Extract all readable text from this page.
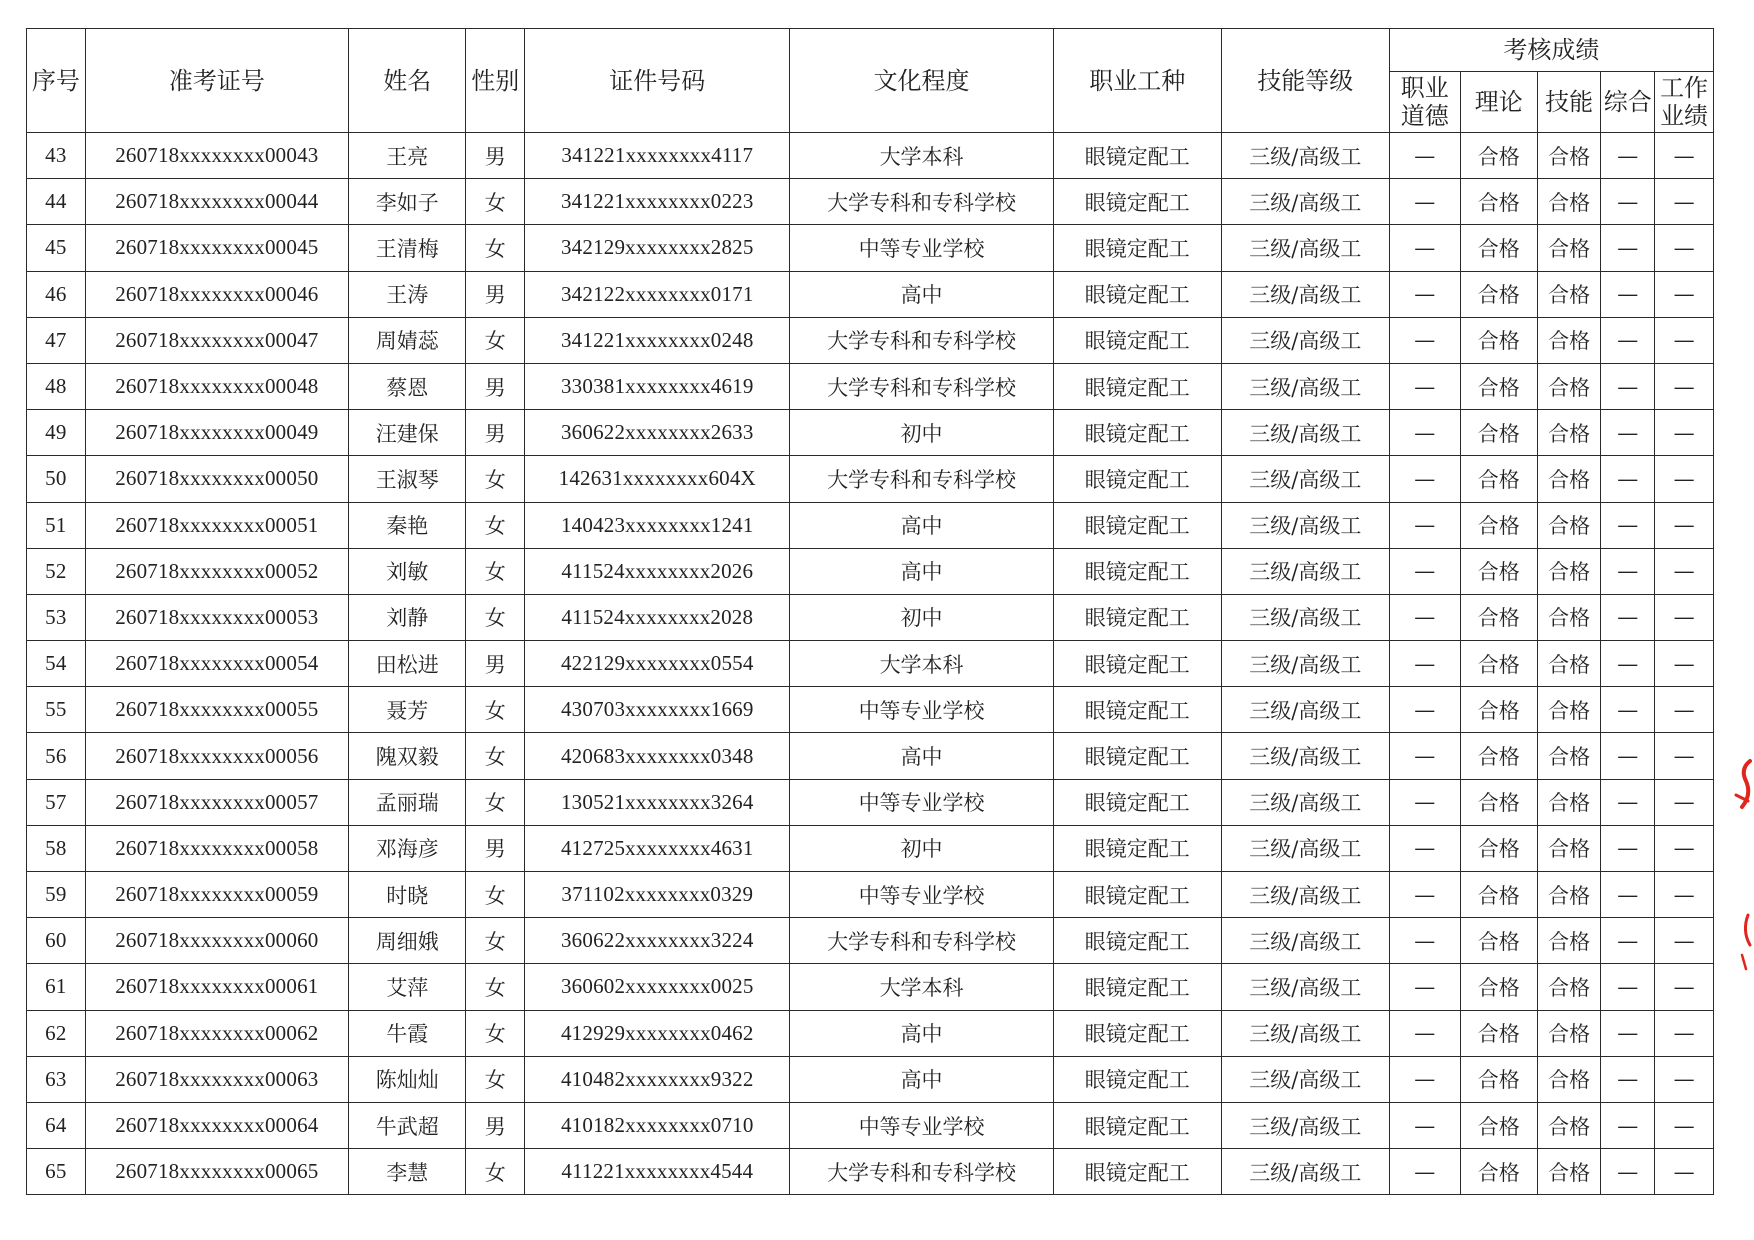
序号	准考证号	姓名	性别	证件号码	文化程度	职业工种	技能等级	考核成绩				
								职业道德	理论	技能	综合	工作业绩
43	260718xxxxxxxx00043	王亮	男	341221xxxxxxxx4117	大学本科	眼镜定配工	三级/高级工	—	合格	合格	—	—
44	260718xxxxxxxx00044	李如子	女	341221xxxxxxxx0223	大学专科和专科学校	眼镜定配工	三级/高级工	—	合格	合格	—	—
45	260718xxxxxxxx00045	王清梅	女	342129xxxxxxxx2825	中等专业学校	眼镜定配工	三级/高级工	—	合格	合格	—	—
46	260718xxxxxxxx00046	王涛	男	342122xxxxxxxx0171	高中	眼镜定配工	三级/高级工	—	合格	合格	—	—
47	260718xxxxxxxx00047	周婧蕊	女	341221xxxxxxxx0248	大学专科和专科学校	眼镜定配工	三级/高级工	—	合格	合格	—	—
48	260718xxxxxxxx00048	蔡恩	男	330381xxxxxxxx4619	大学专科和专科学校	眼镜定配工	三级/高级工	—	合格	合格	—	—
49	260718xxxxxxxx00049	汪建保	男	360622xxxxxxxx2633	初中	眼镜定配工	三级/高级工	—	合格	合格	—	—
50	260718xxxxxxxx00050	王淑琴	女	142631xxxxxxxx604X	大学专科和专科学校	眼镜定配工	三级/高级工	—	合格	合格	—	—
51	260718xxxxxxxx00051	秦艳	女	140423xxxxxxxx1241	高中	眼镜定配工	三级/高级工	—	合格	合格	—	—
52	260718xxxxxxxx00052	刘敏	女	411524xxxxxxxx2026	高中	眼镜定配工	三级/高级工	—	合格	合格	—	—
53	260718xxxxxxxx00053	刘静	女	411524xxxxxxxx2028	初中	眼镜定配工	三级/高级工	—	合格	合格	—	—
54	260718xxxxxxxx00054	田松进	男	422129xxxxxxxx0554	大学本科	眼镜定配工	三级/高级工	—	合格	合格	—	—
55	260718xxxxxxxx00055	聂芳	女	430703xxxxxxxx1669	中等专业学校	眼镜定配工	三级/高级工	—	合格	合格	—	—
56	260718xxxxxxxx00056	隗双毅	女	420683xxxxxxxx0348	高中	眼镜定配工	三级/高级工	—	合格	合格	—	—
57	260718xxxxxxxx00057	孟丽瑞	女	130521xxxxxxxx3264	中等专业学校	眼镜定配工	三级/高级工	—	合格	合格	—	—
58	260718xxxxxxxx00058	邓海彦	男	412725xxxxxxxx4631	初中	眼镜定配工	三级/高级工	—	合格	合格	—	—
59	260718xxxxxxxx00059	时晓	女	371102xxxxxxxx0329	中等专业学校	眼镜定配工	三级/高级工	—	合格	合格	—	—
60	260718xxxxxxxx00060	周细娥	女	360622xxxxxxxx3224	大学专科和专科学校	眼镜定配工	三级/高级工	—	合格	合格	—	—
61	260718xxxxxxxx00061	艾萍	女	360602xxxxxxxx0025	大学本科	眼镜定配工	三级/高级工	—	合格	合格	—	—
62	260718xxxxxxxx00062	牛霞	女	412929xxxxxxxx0462	高中	眼镜定配工	三级/高级工	—	合格	合格	—	—
63	260718xxxxxxxx00063	陈灿灿	女	410482xxxxxxxx9322	高中	眼镜定配工	三级/高级工	—	合格	合格	—	—
64	260718xxxxxxxx00064	牛武超	男	410182xxxxxxxx0710	中等专业学校	眼镜定配工	三级/高级工	—	合格	合格	—	—
65	260718xxxxxxxx00065	李慧	女	411221xxxxxxxx4544	大学专科和专科学校	眼镜定配工	三级/高级工	—	合格	合格	—	—
